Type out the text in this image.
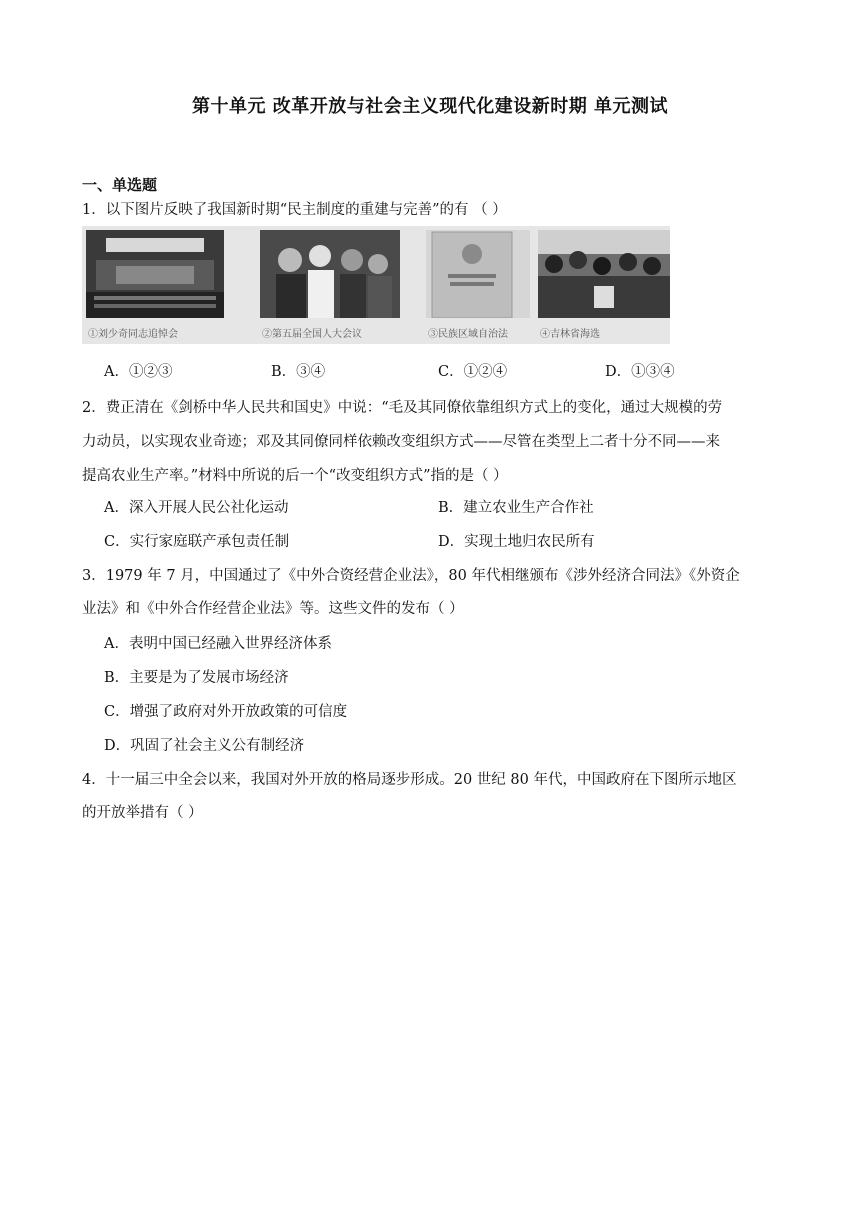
第十单元 改革开放与社会主义现代化建设新时期 单元测试
一、单选题
1．以下图片反映了我国新时期“民主制度的重建与完善”的有 （ ）
①刘少奇同志追悼会	②第五届全国人大会议	③民族区域自治法	④吉林省海选
A．①②③	B．③④	C．①②④	D．①③④
2．费正清在《剑桥中华人民共和国史》中说：“毛及其同僚依靠组织方式上的变化，通过大规模的劳
力动员，以实现农业奇迹；邓及其同僚同样依赖改变组织方式——尽管在类型上二者十分不同——来
提高农业生产率。”材料中所说的后一个“改变组织方式”指的是（ ）
A．深入开展人民公社化运动	B．建立农业生产合作社
C．实行家庭联产承包责任制	D．实现土地归农民所有
3．1979 年 7 月，中国通过了《中外合资经营企业法》，80 年代相继颁布《涉外经济合同法》《外资企
业法》和《中外合作经营企业法》等。这些文件的发布（ ）
A．表明中国已经融入世界经济体系
B．主要是为了发展市场经济
C．增强了政府对外开放政策的可信度
D．巩固了社会主义公有制经济
4．十一届三中全会以来，我国对外开放的格局逐步形成。20 世纪 80 年代，中国政府在下图所示地区
的开放举措有（ ）
